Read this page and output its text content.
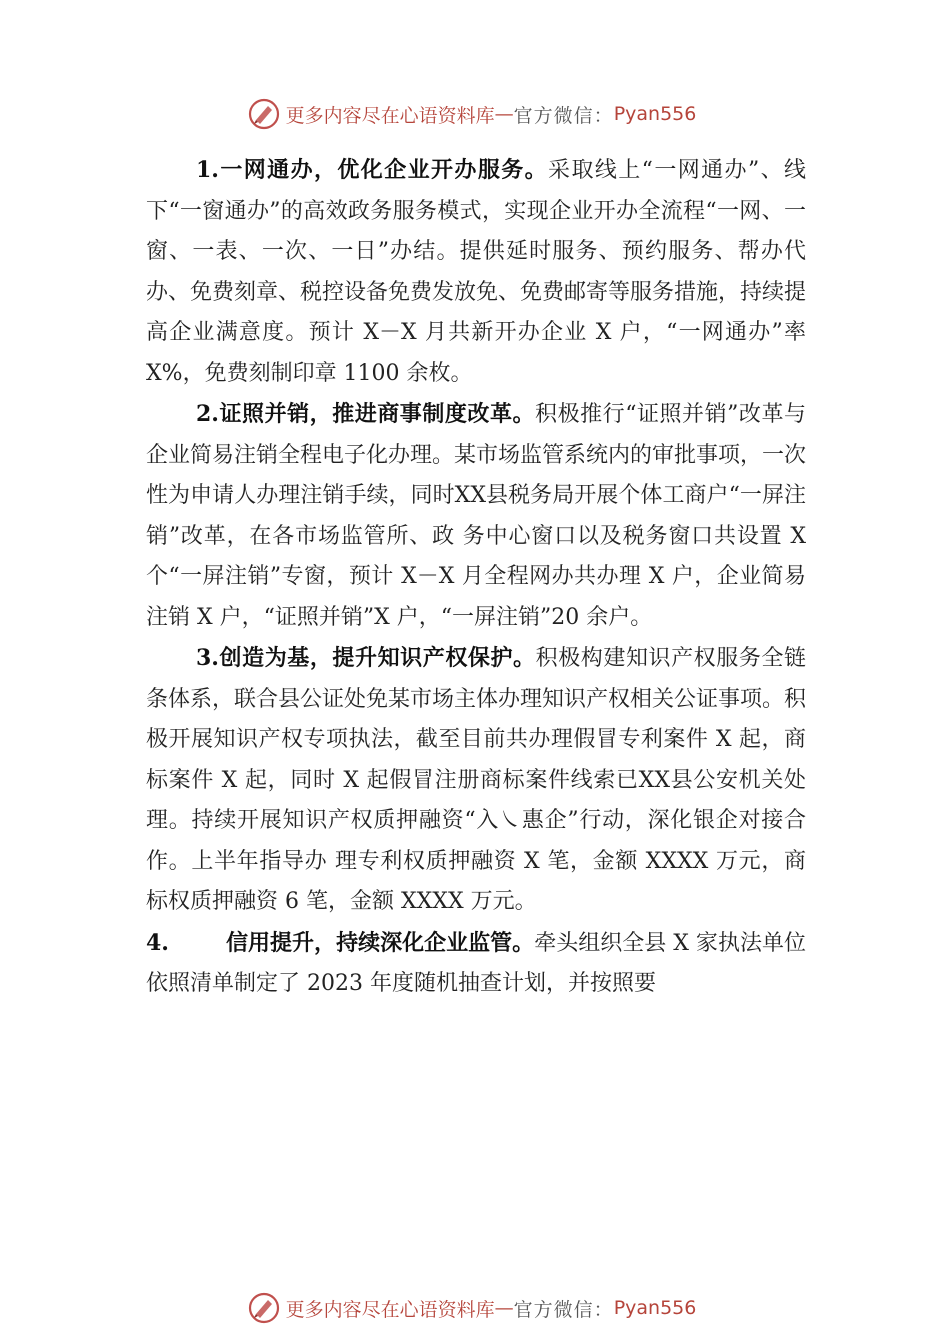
更多内容尽在心语资料库 — 官方微信： Pyan556

1.一网通办，优化企业开办服务。采取线上“一网通办”、线下“一窗通办”的高效政务服务模式，实现企业开办全流程“一网、一窗、一表、一次、一日”办结。提供延时服务、预约服务、帮办代办、免费刻章、税控设备免费发放免、免费邮寄等服务措施，持续提高企业满意度。预计 X－X 月共新开办企业 X 户，“一网通办”率 X%，免费刻制印章 1100 余枚。

2.证照并销，推进商事制度改革。积极推行“证照并销”改革与企业简易注销全程电子化办理。某市场监管系统内的审批事项，一次性为申请人办理注销手续，同时XX县税务局开展个体工商户“一屏注销”改革，在各市场监管所、政 务中心窗口以及税务窗口共设置 X 个“一屏注销”专窗，预计 X－X 月全程网办共办理 X 户，企业简易注销 X 户，“证照并销”X 户，“一屏注销”20 余户。

3.创造为基，提升知识产权保护。积极构建知识产权服务全链条体系，联合县公证处免某市场主体办理知识产权相关公证事项。积极开展知识产权专项执法，截至目前共办理假冒专利案件 X 起，商标案件 X 起，同时 X 起假冒注册商标案件线索已XX县公安机关处理。持续开展知识产权质押融资“入㇏惠企”行动，深化银企对接合作。上半年指导办 理专利权质押融资 X 笔，金额 XXXX 万元，商标权质押融资 6 笔，金额 XXXX 万元。

4.	信用提升，持续深化企业监管。牵头组织全县 X 家执法单位依照清单制定了 2023 年度随机抽查计划，并按照要

更多内容尽在心语资料库 — 官方微信： Pyan556
